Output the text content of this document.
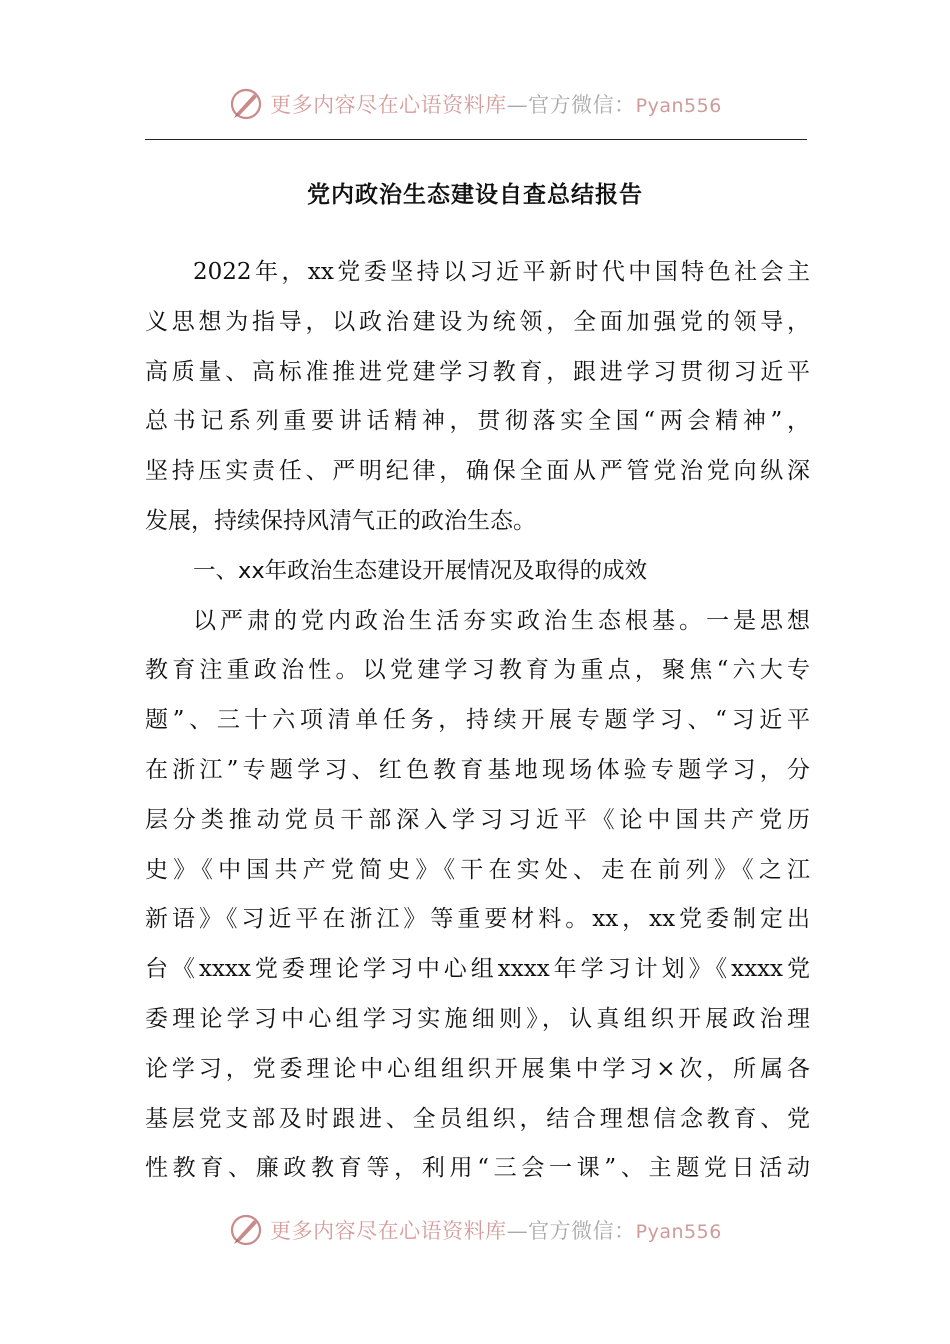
更多内容尽在心语资料库—官方微信：Pyan556
党内政治生态建设自查总结报告
2022年，xx党委坚持以习近平新时代中国特色社会主
义思想为指导，以政治建设为统领，全面加强党的领导，
高质量、高标准推进党建学习教育，跟进学习贯彻习近平
总书记系列重要讲话精神，贯彻落实全国“两会精神”，
坚持压实责任、严明纪律，确保全面从严管党治党向纵深
发展，持续保持风清气正的政治生态。
一、xx年政治生态建设开展情况及取得的成效
以严肃的党内政治生活夯实政治生态根基。一是思想
教育注重政治性。以党建学习教育为重点，聚焦“六大专
题”、三十六项清单任务，持续开展专题学习、“习近平
在浙江”专题学习、红色教育基地现场体验专题学习，分
层分类推动党员干部深入学习习近平《论中国共产党历
史》《中国共产党简史》《干在实处、走在前列》《之江
新语》《习近平在浙江》等重要材料。xx，xx党委制定出
台《xxxx党委理论学习中心组xxxx年学习计划》《xxxx党
委理论学习中心组学习实施细则》，认真组织开展政治理
论学习，党委理论中心组组织开展集中学习×次，所属各
基层党支部及时跟进、全员组织，结合理想信念教育、党
性教育、廉政教育等，利用“三会一课”、主题党日活动
更多内容尽在心语资料库—官方微信：Pyan556
